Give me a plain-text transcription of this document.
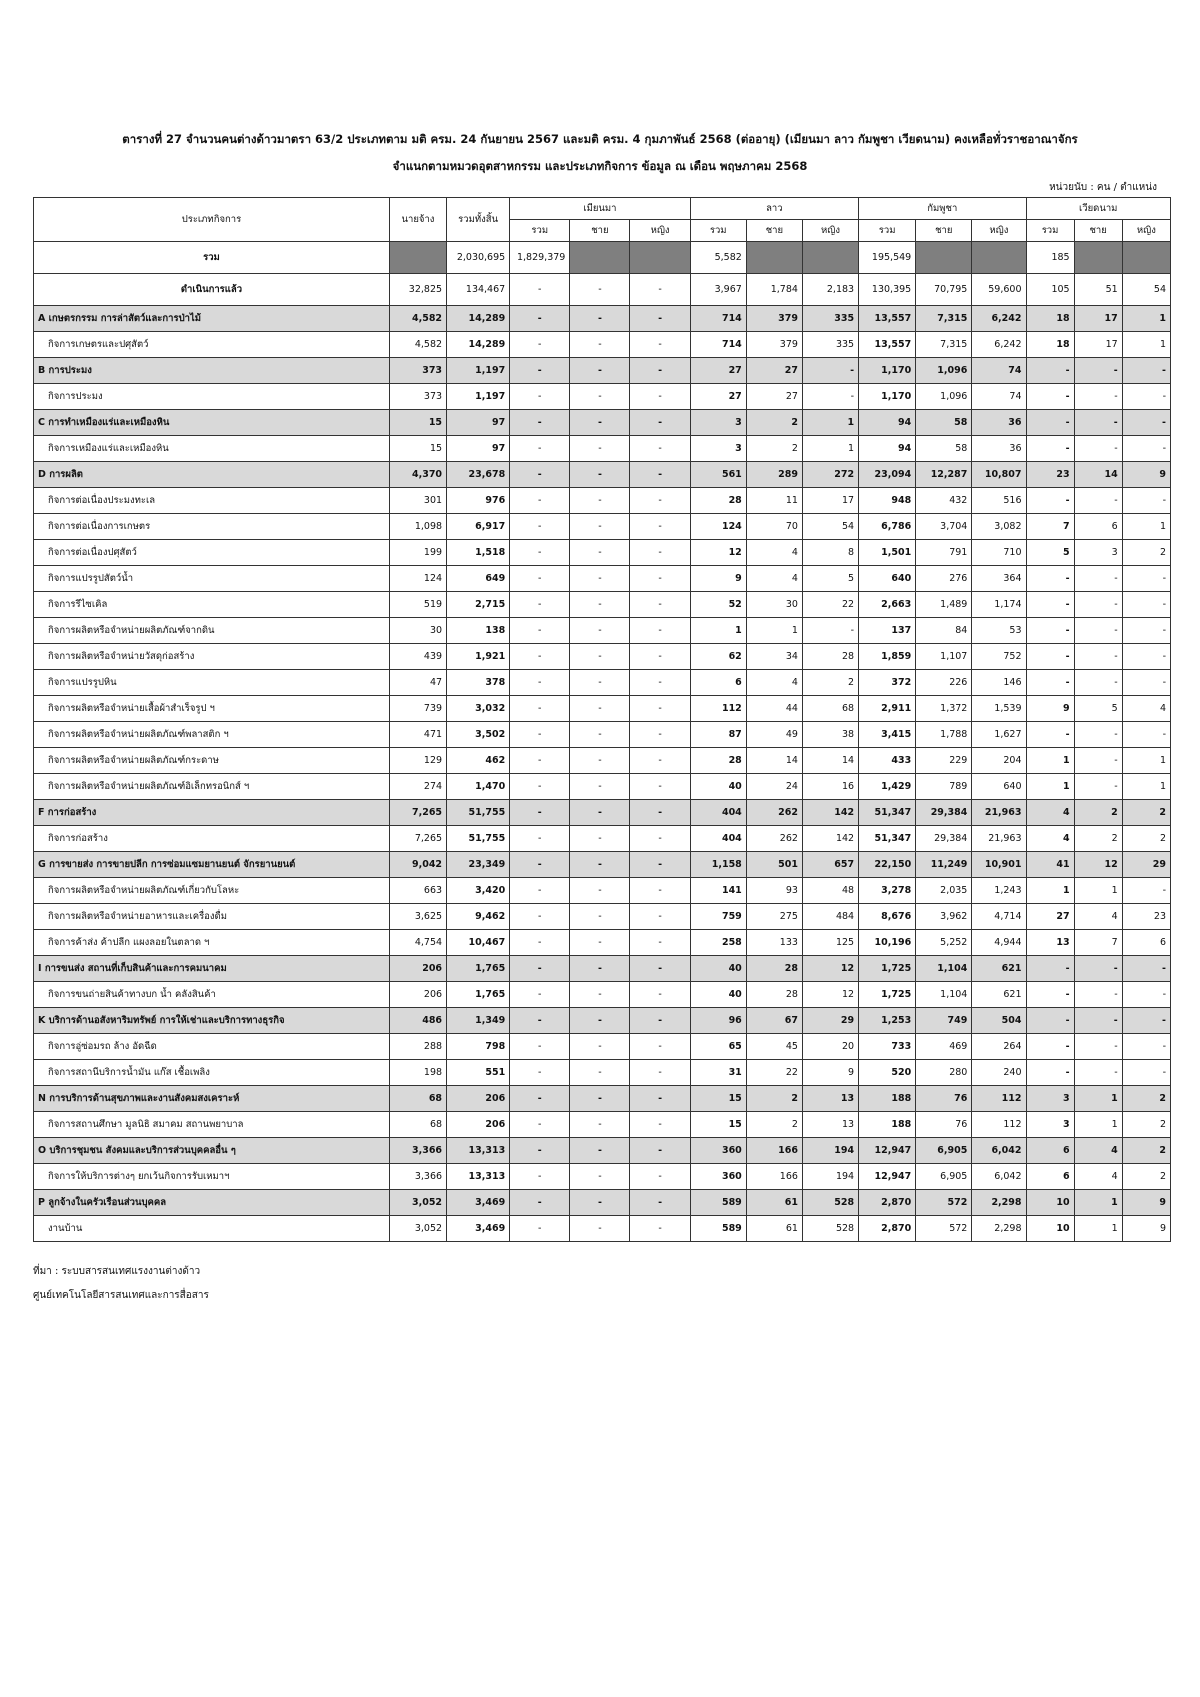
ตารางที่ 27 จำนวนคนต่างด้าวมาตรา 63/2 ประเภทตาม มติ ครม. 24 กันยายน 2567 และมติ ครม. 4 กุมภาพันธ์ 2568 (ต่ออายุ) (เมียนมา ลาว กัมพูชา เวียดนาม) คงเหลือทั่วราชอาณาจักร
จำแนกตามหมวดอุตสาหกรรม และประเภทกิจการ ข้อมูล ณ เดือน พฤษภาคม 2568
หน่วยนับ : คน / ตำแหน่ง
ประเภทกิจการ	นายจ้าง	รวมทั้งสิ้น	เมียนมา			ลาว			กัมพูชา			เวียดนาม		
			รวม	ชาย	หญิง	รวม	ชาย	หญิง	รวม	ชาย	หญิง	รวม	ชาย	หญิง
รวม		2,030,695	1,829,379			5,582			195,549			185		
ดำเนินการแล้ว	32,825	134,467	-	-	-	3,967	1,784	2,183	130,395	70,795	59,600	105	51	54
A เกษตรกรรม การล่าสัตว์และการป่าไม้	4,582	14,289	-	-	-	714	379	335	13,557	7,315	6,242	18	17	1
กิจการเกษตรและปศุสัตว์	4,582	14,289	-	-	-	714	379	335	13,557	7,315	6,242	18	17	1
B การประมง	373	1,197	-	-	-	27	27	-	1,170	1,096	74	-	-	-
กิจการประมง	373	1,197	-	-	-	27	27	-	1,170	1,096	74	-	-	-
C การทำเหมืองแร่และเหมืองหิน	15	97	-	-	-	3	2	1	94	58	36	-	-	-
กิจการเหมืองแร่และเหมืองหิน	15	97	-	-	-	3	2	1	94	58	36	-	-	-
D การผลิต	4,370	23,678	-	-	-	561	289	272	23,094	12,287	10,807	23	14	9
กิจการต่อเนื่องประมงทะเล	301	976	-	-	-	28	11	17	948	432	516	-	-	-
กิจการต่อเนื่องการเกษตร	1,098	6,917	-	-	-	124	70	54	6,786	3,704	3,082	7	6	1
กิจการต่อเนื่องปศุสัตว์	199	1,518	-	-	-	12	4	8	1,501	791	710	5	3	2
กิจการแปรรูปสัตว์น้ำ	124	649	-	-	-	9	4	5	640	276	364	-	-	-
กิจการรีไซเคิล	519	2,715	-	-	-	52	30	22	2,663	1,489	1,174	-	-	-
กิจการผลิตหรือจำหน่ายผลิตภัณฑ์จากดิน	30	138	-	-	-	1	1	-	137	84	53	-	-	-
กิจการผลิตหรือจำหน่ายวัสดุก่อสร้าง	439	1,921	-	-	-	62	34	28	1,859	1,107	752	-	-	-
กิจการแปรรูปหิน	47	378	-	-	-	6	4	2	372	226	146	-	-	-
กิจการผลิตหรือจำหน่ายเสื้อผ้าสำเร็จรูป ฯ	739	3,032	-	-	-	112	44	68	2,911	1,372	1,539	9	5	4
กิจการผลิตหรือจำหน่ายผลิตภัณฑ์พลาสติก ฯ	471	3,502	-	-	-	87	49	38	3,415	1,788	1,627	-	-	-
กิจการผลิตหรือจำหน่ายผลิตภัณฑ์กระดาษ	129	462	-	-	-	28	14	14	433	229	204	1	-	1
กิจการผลิตหรือจำหน่ายผลิตภัณฑ์อิเล็กทรอนิกส์ ฯ	274	1,470	-	-	-	40	24	16	1,429	789	640	1	-	1
F การก่อสร้าง	7,265	51,755	-	-	-	404	262	142	51,347	29,384	21,963	4	2	2
กิจการก่อสร้าง	7,265	51,755	-	-	-	404	262	142	51,347	29,384	21,963	4	2	2
G การขายส่ง การขายปลีก การซ่อมแซมยานยนต์ จักรยานยนต์	9,042	23,349	-	-	-	1,158	501	657	22,150	11,249	10,901	41	12	29
กิจการผลิตหรือจำหน่ายผลิตภัณฑ์เกี่ยวกับโลหะ	663	3,420	-	-	-	141	93	48	3,278	2,035	1,243	1	1	-
กิจการผลิตหรือจำหน่ายอาหารและเครื่องดื่ม	3,625	9,462	-	-	-	759	275	484	8,676	3,962	4,714	27	4	23
กิจการค้าส่ง ค้าปลีก แผงลอยในตลาด ฯ	4,754	10,467	-	-	-	258	133	125	10,196	5,252	4,944	13	7	6
I การขนส่ง สถานที่เก็บสินค้าและการคมนาคม	206	1,765	-	-	-	40	28	12	1,725	1,104	621	-	-	-
กิจการขนถ่ายสินค้าทางบก น้ำ คลังสินค้า	206	1,765	-	-	-	40	28	12	1,725	1,104	621	-	-	-
K บริการด้านอสังหาริมทรัพย์ การให้เช่าและบริการทางธุรกิจ	486	1,349	-	-	-	96	67	29	1,253	749	504	-	-	-
กิจการอู่ซ่อมรถ ล้าง อัดฉีด	288	798	-	-	-	65	45	20	733	469	264	-	-	-
กิจการสถานีบริการน้ำมัน แก๊ส เชื้อเพลิง	198	551	-	-	-	31	22	9	520	280	240	-	-	-
N การบริการด้านสุขภาพและงานสังคมสงเคราะห์	68	206	-	-	-	15	2	13	188	76	112	3	1	2
กิจการสถานศึกษา มูลนิธิ สมาคม สถานพยาบาล	68	206	-	-	-	15	2	13	188	76	112	3	1	2
O บริการชุมชน สังคมและบริการส่วนบุคคลอื่น ๆ	3,366	13,313	-	-	-	360	166	194	12,947	6,905	6,042	6	4	2
กิจการให้บริการต่างๆ ยกเว้นกิจการรับเหมาฯ	3,366	13,313	-	-	-	360	166	194	12,947	6,905	6,042	6	4	2
P ลูกจ้างในครัวเรือนส่วนบุคคล	3,052	3,469	-	-	-	589	61	528	2,870	572	2,298	10	1	9
งานบ้าน	3,052	3,469	-	-	-	589	61	528	2,870	572	2,298	10	1	9
ที่มา : ระบบสารสนเทศแรงงานต่างด้าว
ศูนย์เทคโนโลยีสารสนเทศและการสื่อสาร
